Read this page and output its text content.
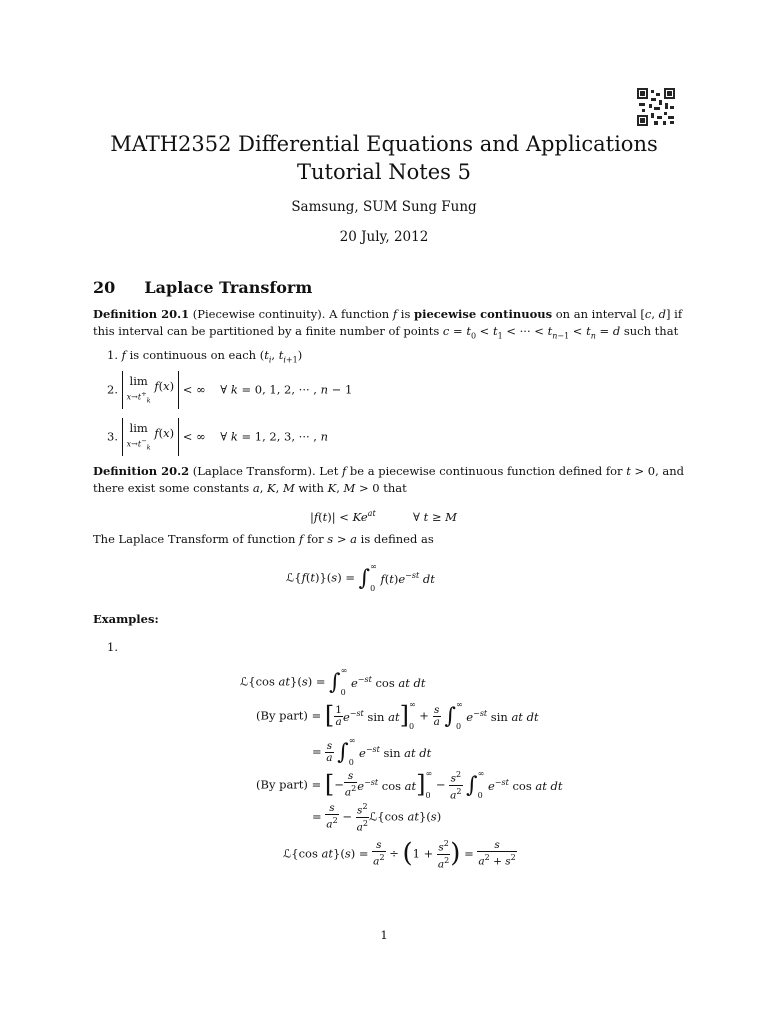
MATH2352 Differential Equations and Applications
Tutorial Notes 5
Samsung, SUM Sung Fung
20 July, 2012
20 Laplace Transform
Definition 20.1 (Piecewise continuity). A function f is piecewise continuous on an interval [c, d] if
this interval can be partitioned by a finite number of points $c = t_0 < t_1$ < ··· < $t_{n-1} < t_n = d$ such that
1. f is continuous on each ($t_i$, $t_{i+1}$)
2. lim
$x\to t^+_k$
f(x) < ∞    ∀ k = 0, 1, 2, ··· , n − 1
3. lim
$x\to t^-_k$
f(x) < ∞    ∀ k = 1, 2, 3, ··· , n
Definition 20.2 (Laplace Transform). Let f be a piecewise continuous function defined for t > 0, and
there exist some constants a, K, M with K, M > 0 that
$|f(t)| < Ke^{at}$	∀ t ≥ M
The Laplace Transform of function f for s > a is defined as
ℒ{f(t)}(s) = ∫ ∞
0
$f(t)e^{-st}$ dt
Examples:
1.
ℒ{cos at}(s) = ∫ ∞
0
$e^{-st}$ cos at dt
(By part) = [ $\frac{1}{a} e^{-st}$ sin at] ∞
0
+ $\frac{s}{a}$ ∫ ∞
0
$e^{-st}$ sin at dt
= $\frac{s}{a}$ ∫ ∞
0
$e^{-st}$ sin at dt
(By part) = [− $\frac{s}{a^2} e^{-st}$ cos at] ∞
0
− $\frac{s^2}{a^2}$ ∫ ∞
0
$e^{-st}$ cos at dt
= $\frac{s}{a^2} - \frac{s^2}{a^2}$ ℒ{cos at}(s)
ℒ{cos $at\}(s) = \frac{s}{a^2} \div (1 + \frac{s^2}{a^2}$ ) = $\frac{s}{a^2 + s^2}$
1
